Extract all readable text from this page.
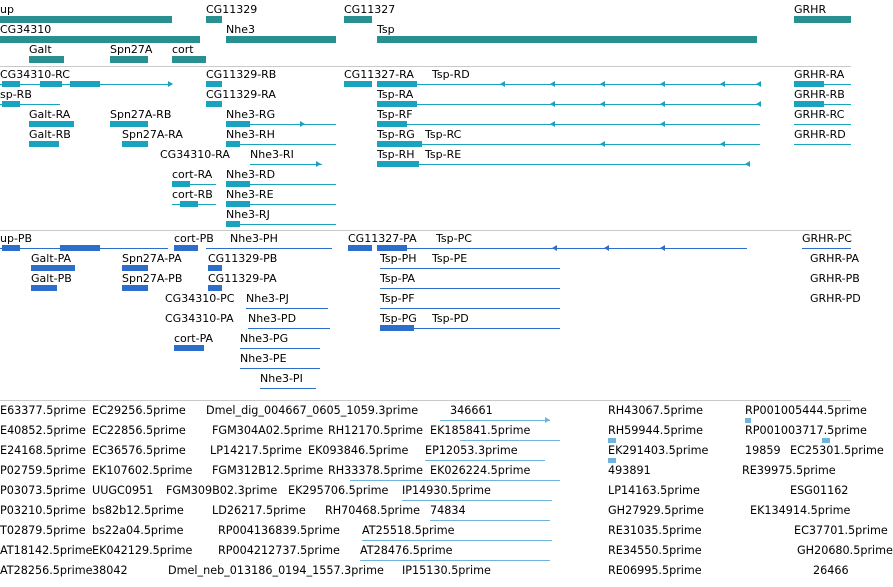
up	CG11329	CG11327	GRHR
CG34310	Nhe3	Tsp
Galt	Spn27A cort
CG34310-RC	CG11329-RB	CG11327-RA Tsp-RD	GRHR-RA
sp-RB	CG11329-RA	Tsp-RA	GRHR-RB
Galt-RA	Spn27A-RB	Nhe3-RG	Tsp-RF	GRHR-RC
Galt-RB	Spn27A-RA	Nhe3-RH	Tsp-RG Tsp-RC	GRHR-RD
CG34310-RA Nhe3-RI	Tsp-RH Tsp-RE
cort-RA Nhe3-RD
cort-RB Nhe3-RE
Nhe3-RJ
up-PB	cort-PB Nhe3-PH	CG11327-PA Tsp-PC	GRHR-PC
Galt-PA	Spn27A-PA CG11329-PB	Tsp-PH Tsp-PE	GRHR-PA
Galt-PB	Spn27A-PB CG11329-PA	Tsp-PA	GRHR-PB
CG34310-PC Nhe3-PJ	Tsp-PF	GRHR-PD
CG34310-PA Nhe3-PD	Tsp-PG Tsp-PD
cort-PA Nhe3-PG
Nhe3-PE
Nhe3-PI
E63377.5prime EC29256.5prime Dmel_dig_004667_0605_1059.3prime	346661	RH43067.5prime	RP001005444.5prime
E40852.5prime EC22856.5prime FGM304A02.5prime RH12170.5prime EK185841.5prime	RH59944.5prime	RP001003717.5prime
E24168.5prime EC36576.5prime LP14217.5prime EK093846.5prime EP12053.3prime	EK291403.5prime	19859 EC25301.5prime
P02759.5prime EK107602.5prime FGM312B12.5prime RH33378.5prime EK026224.5prime	493891	RE39975.5prime
P03073.5prime UUGC0951 FGM309B02.3prime EK295706.5prime IP14930.5prime	LP14163.5prime	ESG01162
P03210.5prime bs82b12.5prime	LD26217.5prime RH70468.5prime 74834	GH27929.5prime	EK134914.5prime
T02879.5prime bs22a04.5prime	RP004136839.5prime AT25518.5prime	RE31035.5prime	EC37701.5prime
AT18142.5prime EK042129.5prime RP004212737.5prime AT28476.5prime	RE34550.5prime	GH20680.5prime
AT28256.5prime 38042	Dmel_neb_013186_0194_1557.3prime IP15130.5prime	RE06995.5prime	26466
